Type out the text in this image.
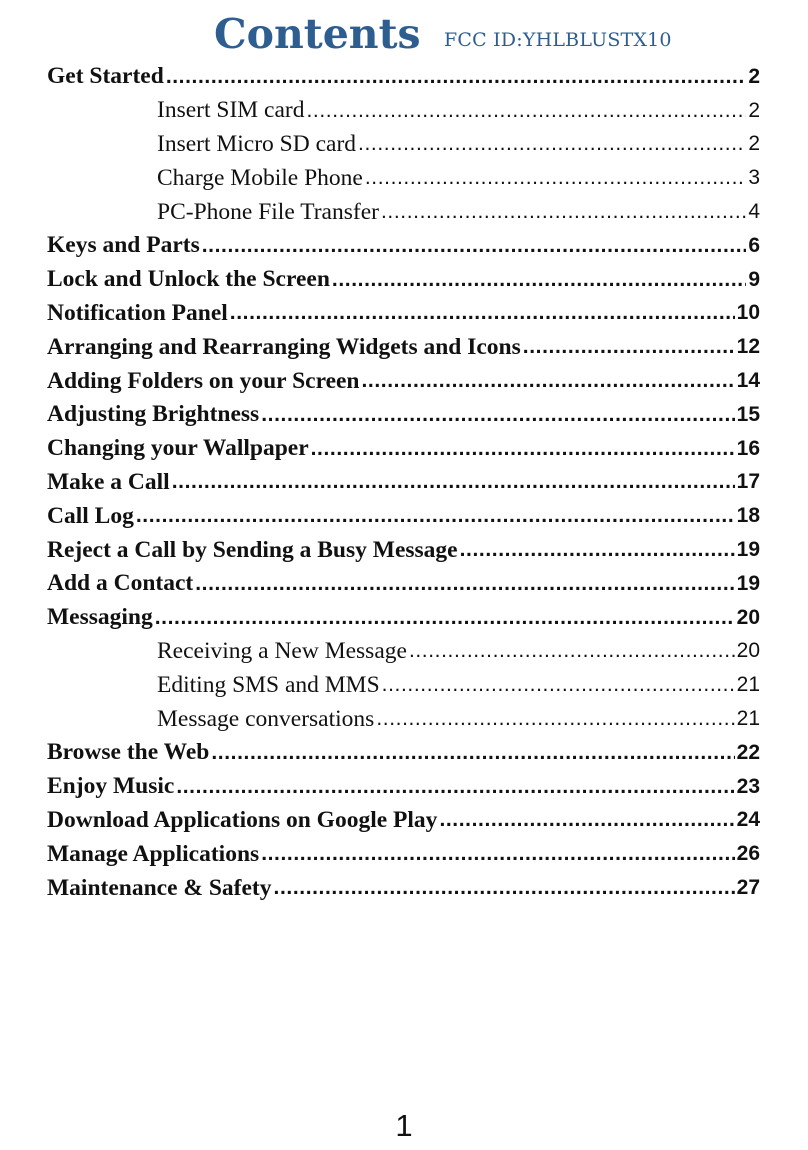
Contents FCC ID:YHLBLUSTX10
Get Started .....	2
Insert SIM card .....	2
Insert Micro SD card .....	2
Charge Mobile Phone .....	3
PC-Phone File Transfer .....	4
Keys and Parts .....	6
Lock and Unlock the Screen .....	9
Notification Panel .....	10
Arranging and Rearranging Widgets and Icons .....	12
Adding Folders on your Screen .....	14
Adjusting Brightness .....	15
Changing your Wallpaper .....	16
Make a Call .....	17
Call Log .....	18
Reject a Call by Sending a Busy Message .....	19
Add a Contact .....	19
Messaging .....	20
Receiving a New Message .....	20
Editing SMS and MMS .....	21
Message conversations .....	21
Browse the Web .....	22
Enjoy Music .....	23
Download Applications on Google Play .....	24
Manage Applications .....	26
Maintenance & Safety .....	27
1
